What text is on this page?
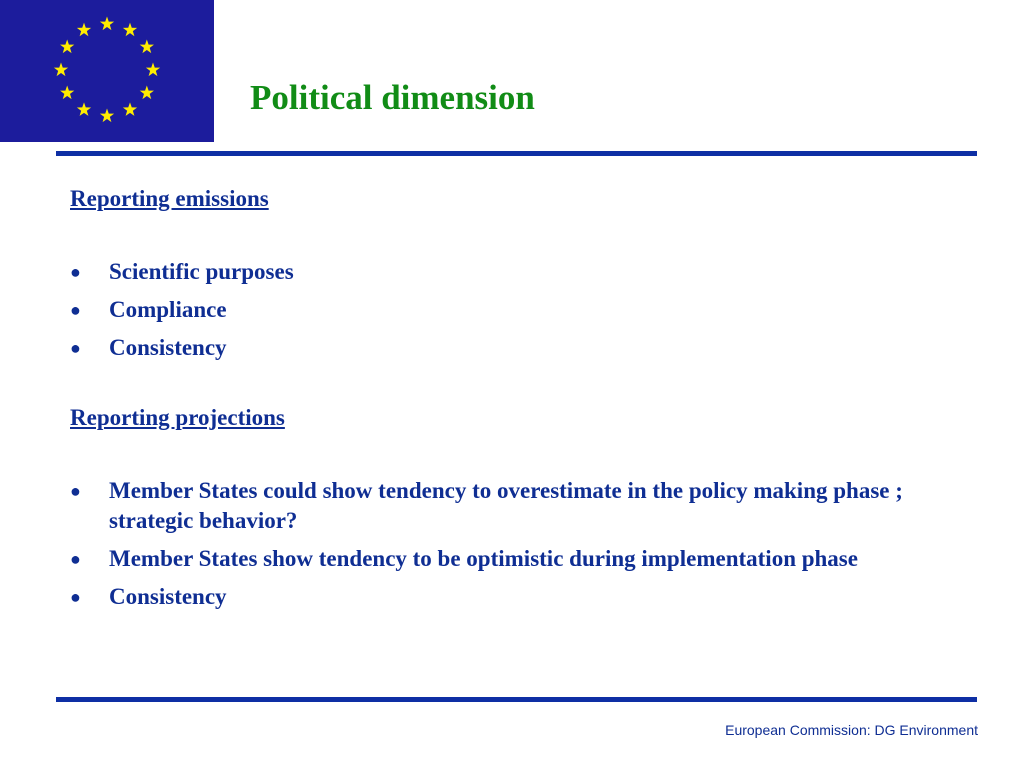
Political dimension

Reporting emissions

● Scientific purposes
● Compliance
● Consistency

Reporting projections

● Member States could show tendency to overestimate in the policy making phase ; strategic behavior?
● Member States show tendency to be optimistic during implementation phase
● Consistency
European Commission: DG Environment
